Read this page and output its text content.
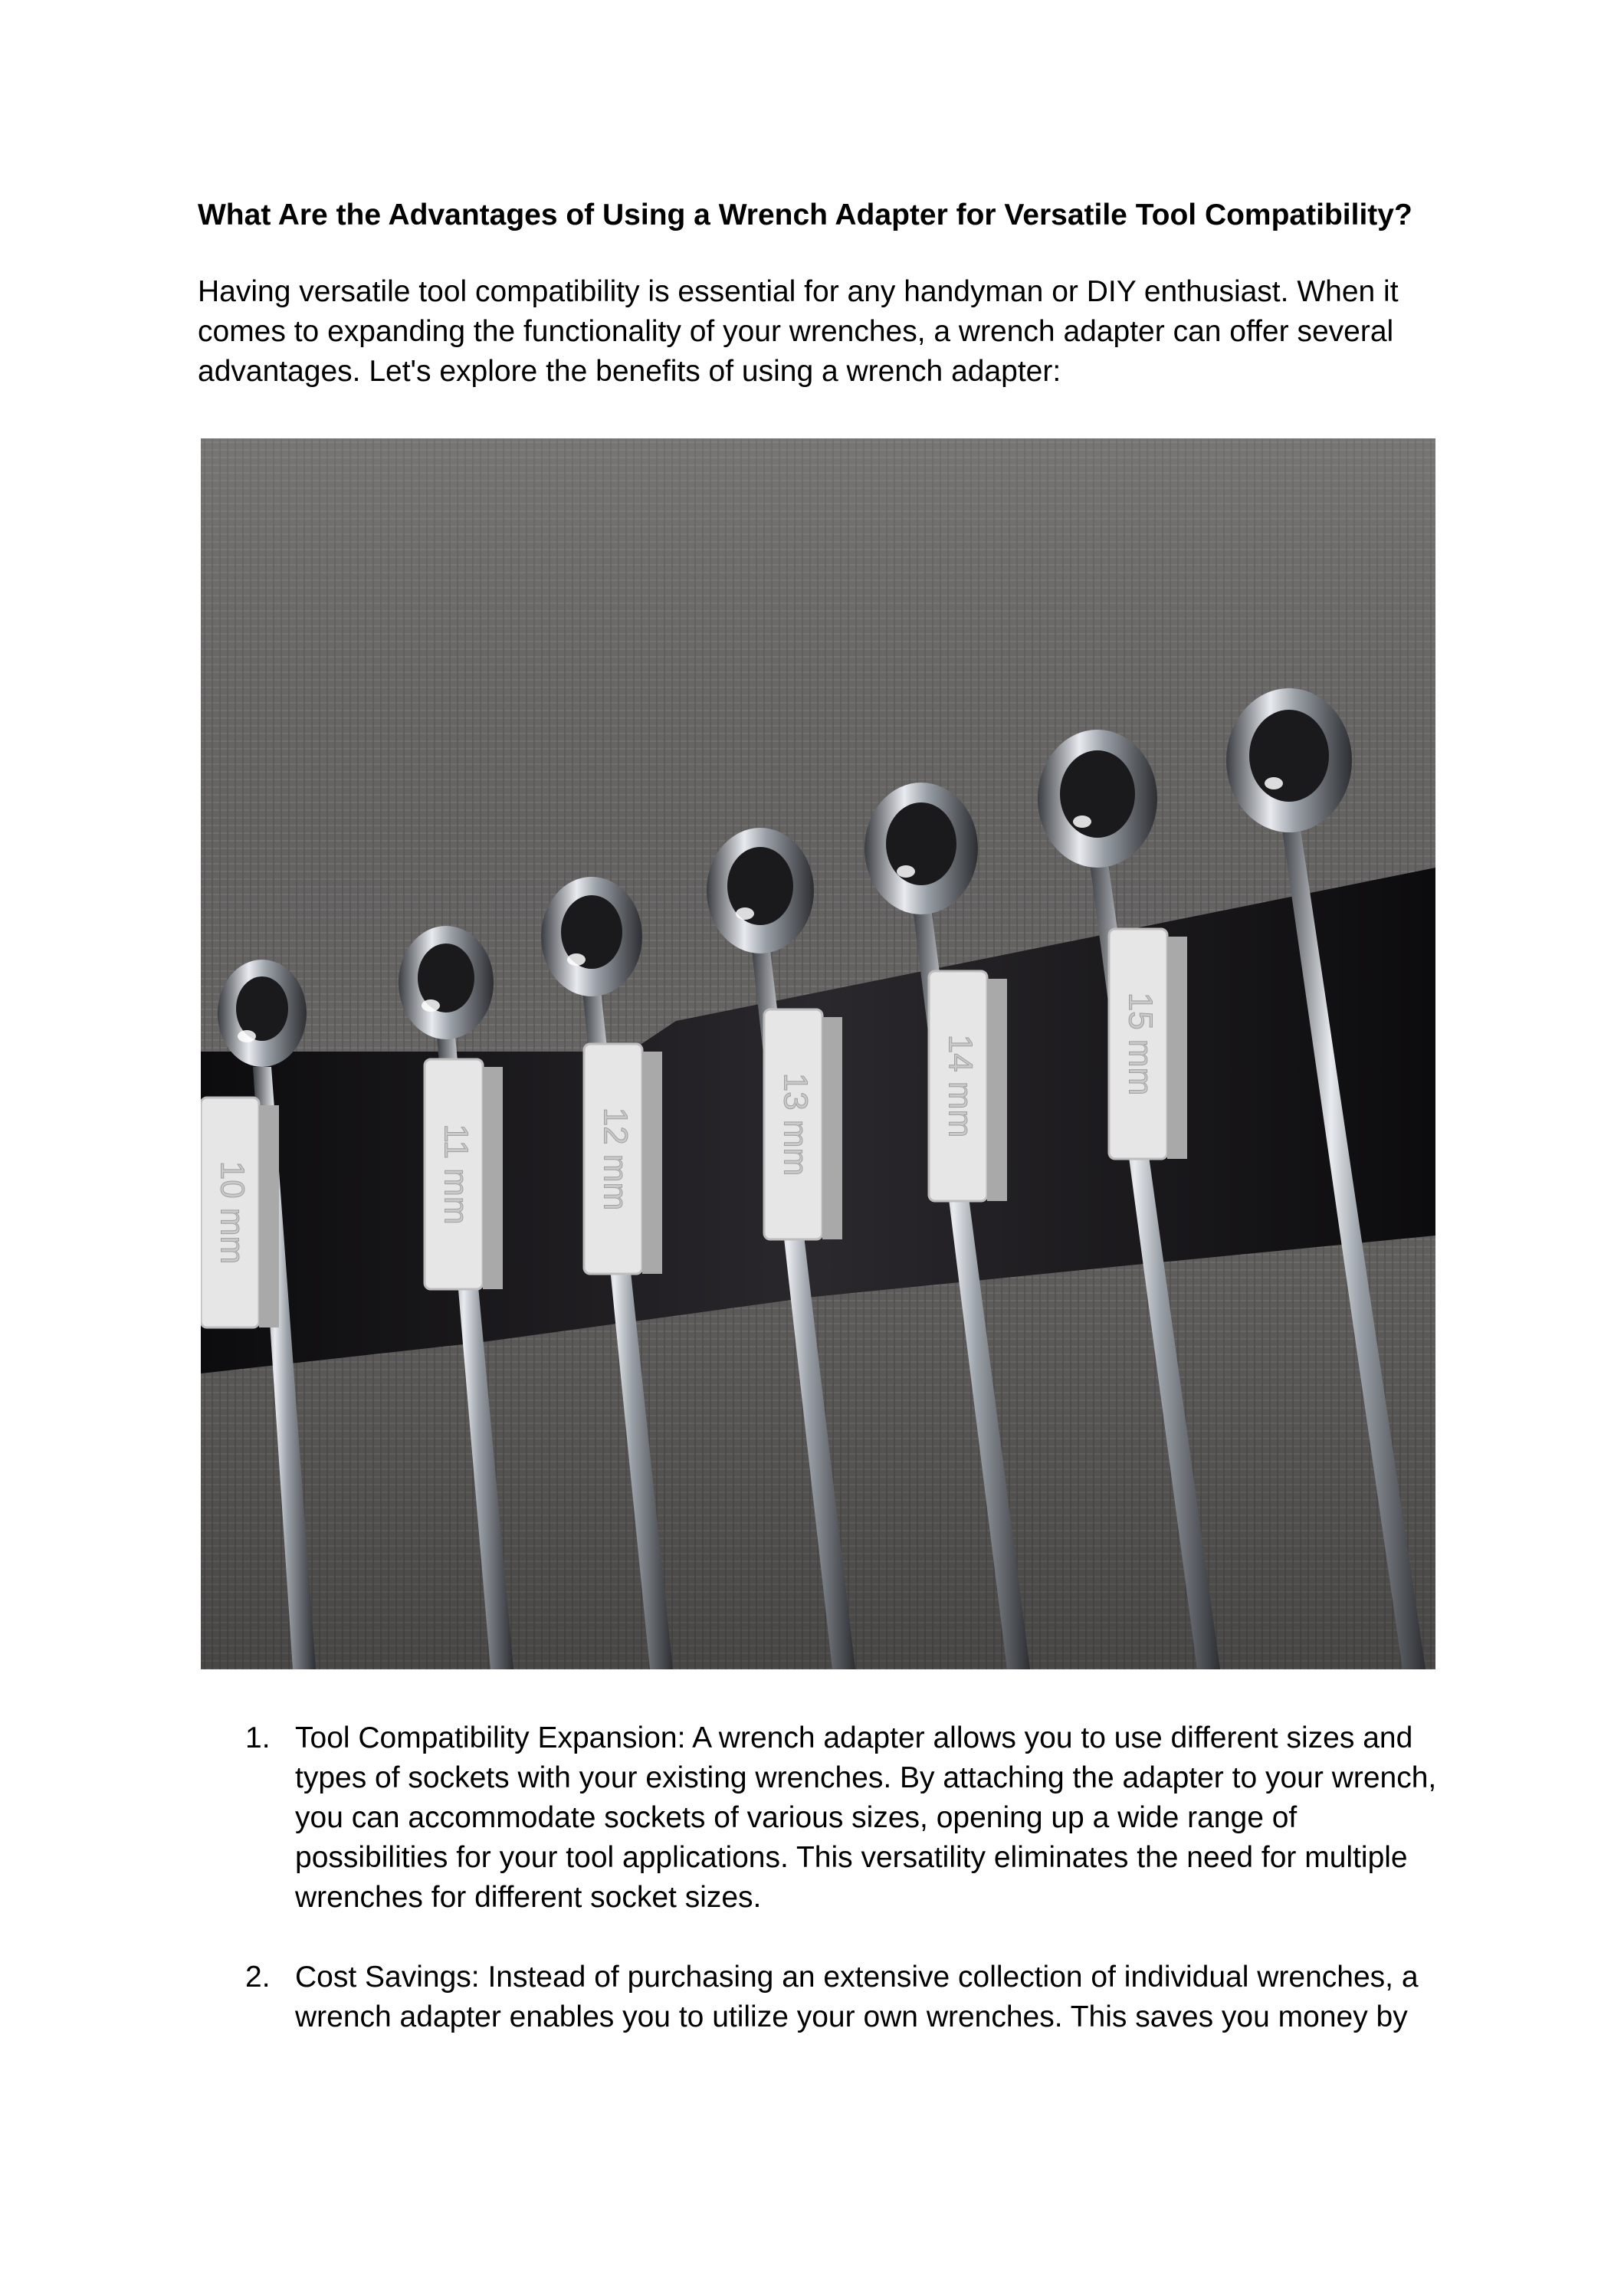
What Are the Advantages of Using a Wrench Adapter for Versatile Tool Compatibility?

Having versatile tool compatibility is essential for any handyman or DIY enthusiast. When it comes to expanding the functionality of your wrenches, a wrench adapter can offer several advantages. Let's explore the benefits of using a wrench adapter:

10 mm	11 mm	12 mm	13 mm	14 mm	15 mm
1. Tool Compatibility Expansion: A wrench adapter allows you to use different sizes and types of sockets with your existing wrenches. By attaching the adapter to your wrench, you can accommodate sockets of various sizes, opening up a wide range of possibilities for your tool applications. This versatility eliminates the need for multiple wrenches for different socket sizes.
2. Cost Savings: Instead of purchasing an extensive collection of individual wrenches, a wrench adapter enables you to utilize your own wrenches. This saves you money by
